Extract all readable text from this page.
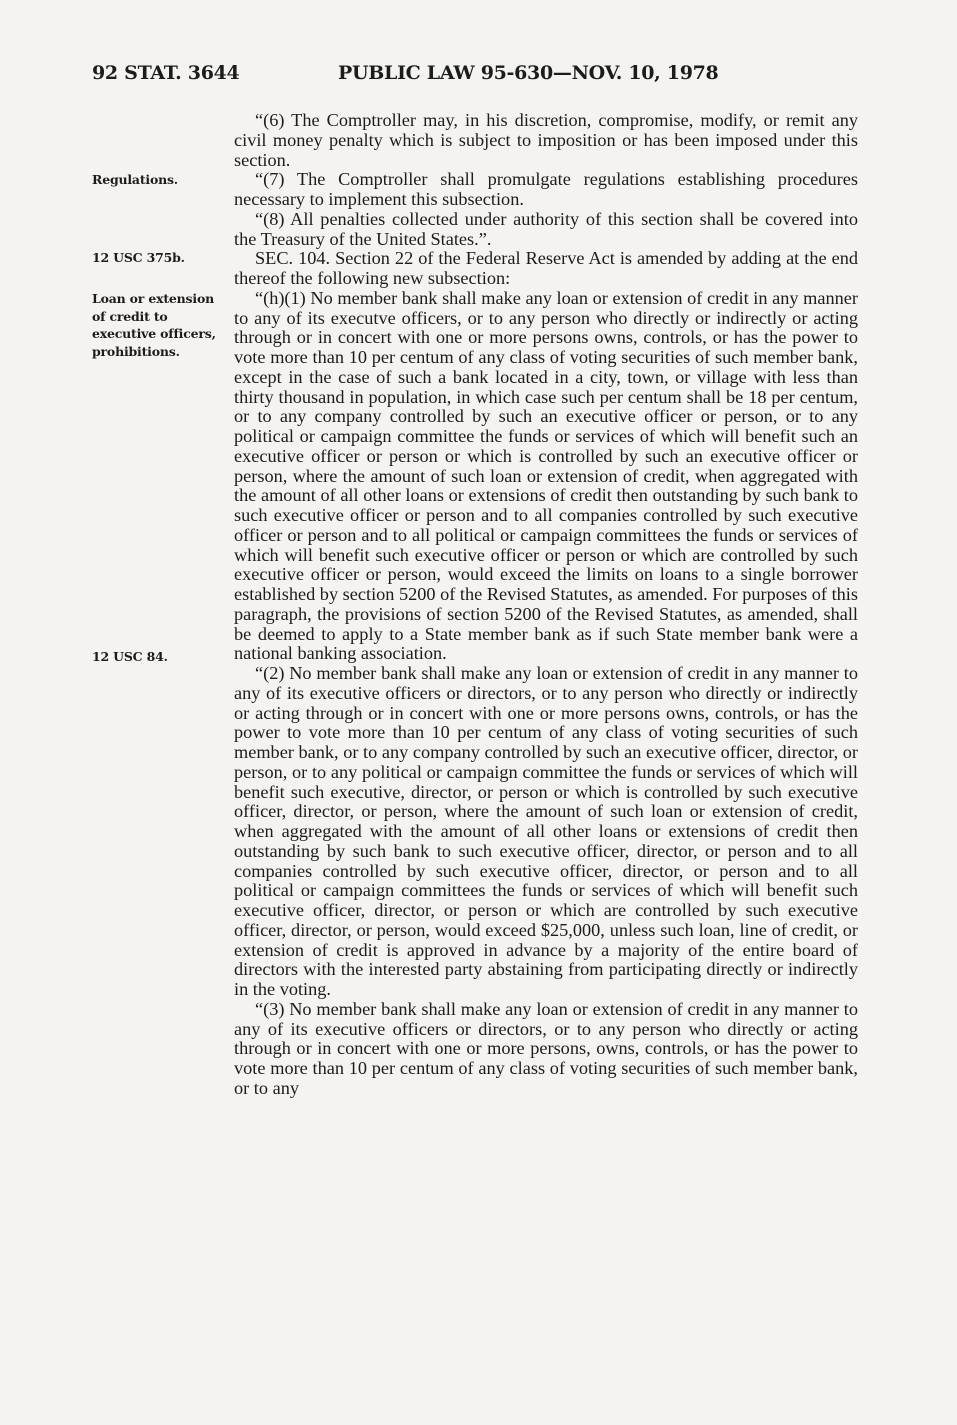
92 STAT. 3644	PUBLIC LAW 95-630—NOV. 10, 1978
Regulations.
12 USC 375b.
Loan or extension of credit to executive officers, prohibitions.
12 USC 84.

“(6) The Comptroller may, in his discretion, compromise, modify, or remit any civil money penalty which is subject to imposition or has been imposed under this section.

“(7) The Comptroller shall promulgate regulations establishing procedures necessary to implement this subsection.

“(8) All penalties collected under authority of this section shall be covered into the Treasury of the United States.”.

SEC. 104. Section 22 of the Federal Reserve Act is amended by adding at the end thereof the following new subsection:

“(h)(1) No member bank shall make any loan or extension of credit in any manner to any of its executve officers, or to any person who directly or indirectly or acting through or in concert with one or more persons owns, controls, or has the power to vote more than 10 per centum of any class of voting securities of such member bank, except in the case of such a bank located in a city, town, or village with less than thirty thousand in population, in which case such per centum shall be 18 per centum, or to any company controlled by such an executive officer or person, or to any political or campaign committee the funds or services of which will benefit such an executive officer or person or which is controlled by such an executive officer or person, where the amount of such loan or extension of credit, when aggregated with the amount of all other loans or extensions of credit then outstanding by such bank to such executive officer or person and to all companies controlled by such executive officer or person and to all political or campaign committees the funds or services of which will benefit such executive officer or person or which are controlled by such executive officer or person, would exceed the limits on loans to a single borrower established by section 5200 of the Revised Statutes, as amended. For purposes of this paragraph, the provisions of section 5200 of the Revised Statutes, as amended, shall be deemed to apply to a State member bank as if such State member bank were a national banking association.

“(2) No member bank shall make any loan or extension of credit in any manner to any of its executive officers or directors, or to any person who directly or indirectly or acting through or in concert with one or more persons owns, controls, or has the power to vote more than 10 per centum of any class of voting securities of such member bank, or to any company controlled by such an executive officer, director, or person, or to any political or campaign committee the funds or services of which will benefit such executive, director, or person or which is controlled by such executive officer, director, or person, where the amount of such loan or extension of credit, when aggregated with the amount of all other loans or extensions of credit then outstanding by such bank to such executive officer, director, or person and to all companies controlled by such executive officer, director, or person and to all political or campaign committees the funds or services of which will benefit such executive officer, director, or person or which are controlled by such executive officer, director, or person, would exceed $25,000, unless such loan, line of credit, or extension of credit is approved in advance by a majority of the entire board of directors with the interested party abstaining from participating directly or indirectly in the voting.

“(3) No member bank shall make any loan or extension of credit in any manner to any of its executive officers or directors, or to any person who directly or acting through or in concert with one or more persons, owns, controls, or has the power to vote more than 10 per centum of any class of voting securities of such member bank, or to any
